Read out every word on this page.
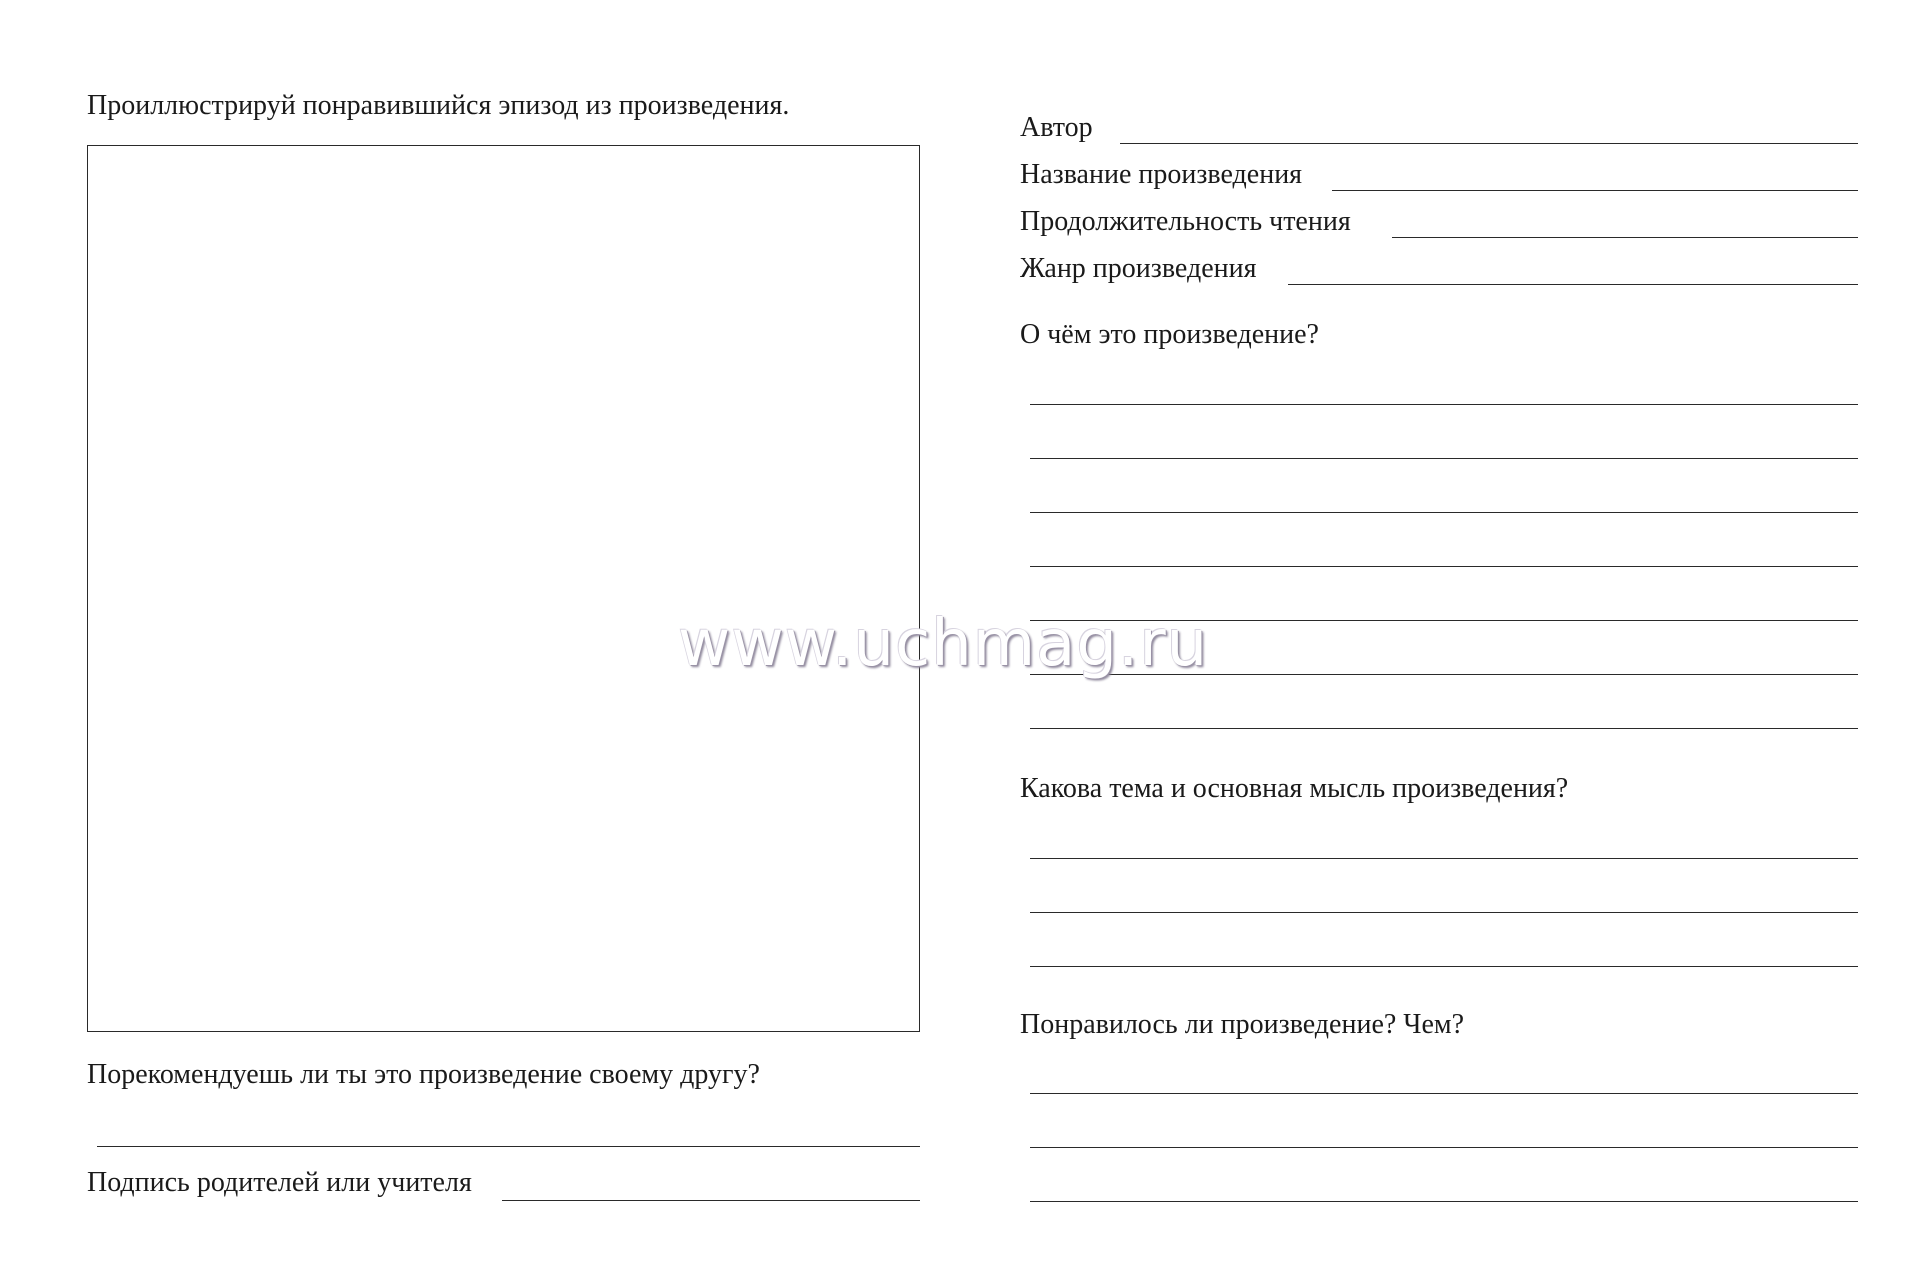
Проиллюстрируй понравившийся эпизод из произведения.
Порекомендуешь ли ты это произведение своему другу?
Подпись родителей или учителя
Автор
Название произведения
Продолжительность чтения
Жанр произведения
О чём это произведение?
Какова тема и основная мысль произведения?
Понравилось ли произведение? Чем?
www.uchmag.ru
